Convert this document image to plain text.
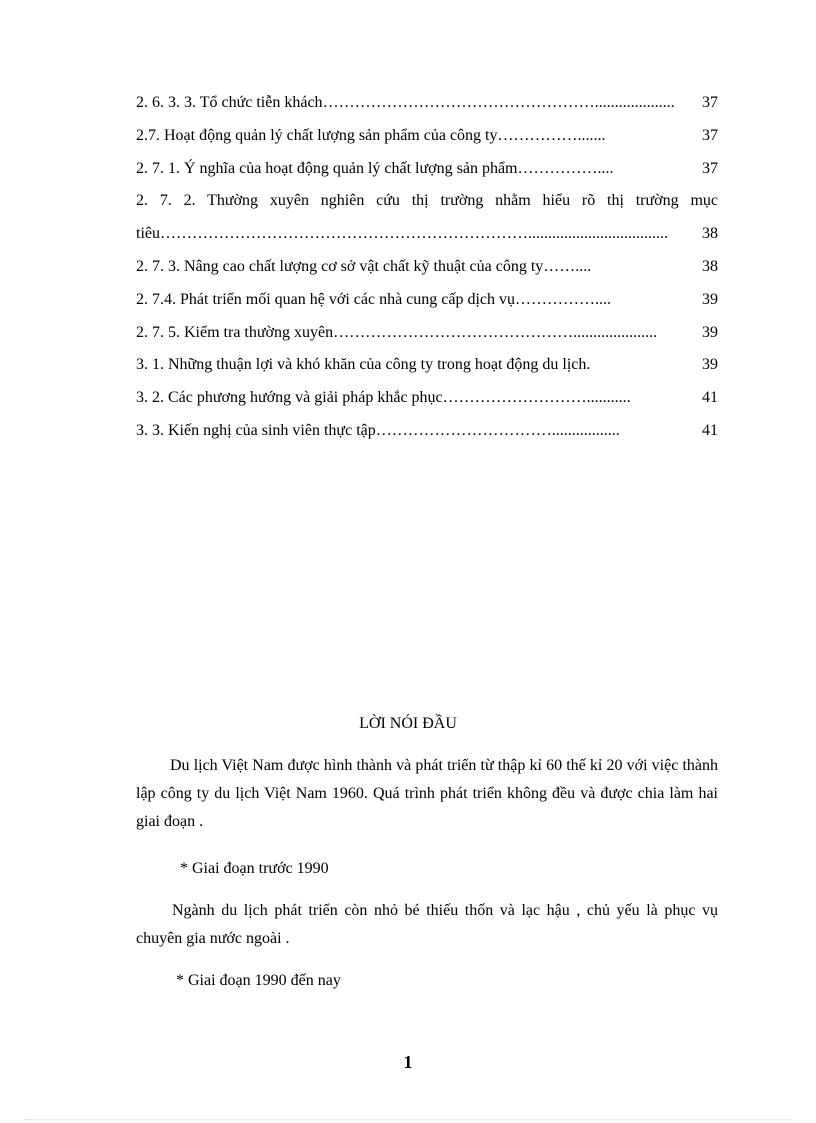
2. 6. 3. 3. Tổ chức tiễn khách ……………………………………………....................	37
2.7. Hoạt động quản lý chất lượng sản phẩm của công ty …………….......	37
2. 7. 1. Ý nghĩa của hoạt động quản lý chất lượng sản phẩm ……………....	37
2. 7. 2. Thường xuyên nghiên cứu thị trường nhằm hiểu rõ thị trường mục
tiêu ……………………………………………………………...................................	38
2. 7. 3. Nâng cao chất lượng cơ sở vật chất kỹ thuật của công ty ……....	38
2. 7.4. Phát triển mối quan hệ với các nhà cung cấp dịch vụ ……………....	39
2. 7. 5. Kiểm tra thường xuyên ……………………………………….....................	39
3. 1. Những thuận lợi và khó khăn của công ty trong hoạt động du lịch .	39
3. 2. Các phương hướng và giải pháp khắc phục ………………………...........	41
3. 3. Kiến nghị của sinh viên thực tập …………………………….................	41
LỜI NÓI ĐẦU
Du lịch Việt Nam được hình thành và phát triển từ thập kỉ 60 thế kỉ 20 với việc thành lập công ty du lịch Việt Nam 1960. Quá trình phát triển không đều và được chia làm hai giai đoạn .
* Giai đoạn trước 1990
Ngành du lịch phát triển còn nhỏ bé thiếu thốn và lạc hậu , chủ yếu là phục vụ chuyên gia nước ngoài .
* Giai đoạn 1990 đến nay
1
